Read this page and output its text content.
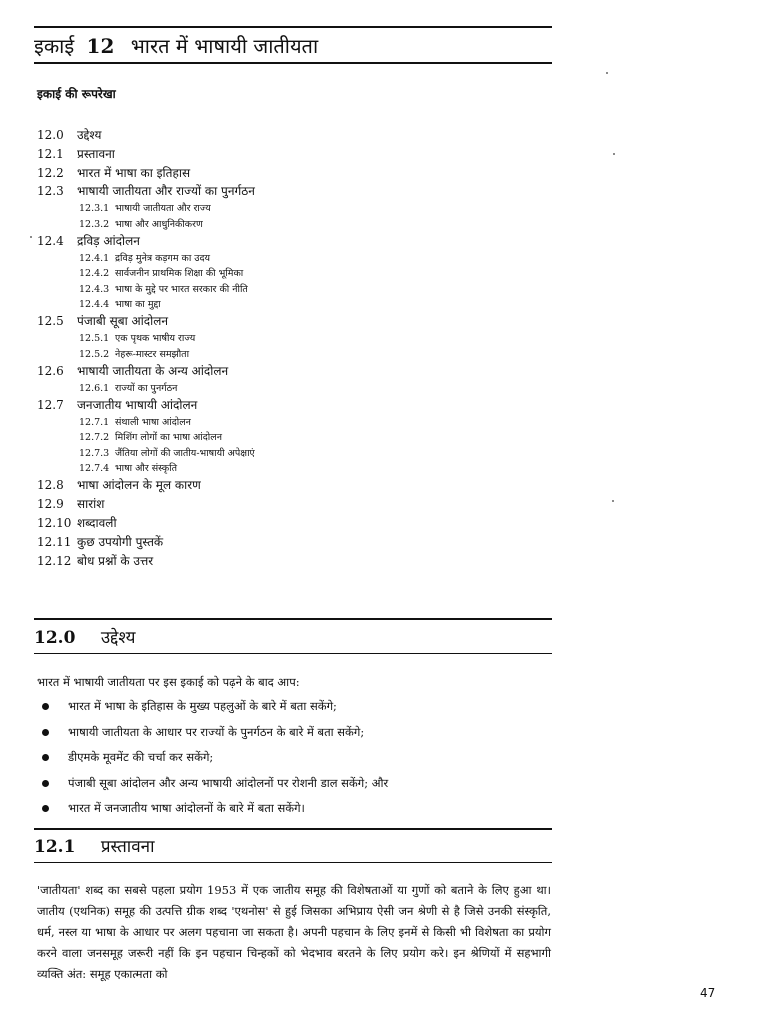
इकाई 12 भारत में भाषायी जातीयता
इकाई की रूपरेखा
12.0	उद्देश्य
12.1	प्रस्तावना
12.2	भारत में भाषा का इतिहास
12.3	भाषायी जातीयता और राज्यों का पुनर्गठन
12.3.1 भाषायी जातीयता और राज्य
12.3.2 भाषा और आधुनिकीकरण
12.4	द्रविड़ आंदोलन
12.4.1 द्रविड़ मुनेत्र कड़गम का उदय
12.4.2 सार्वजनीन प्राथमिक शिक्षा की भूमिका
12.4.3 भाषा के मुद्दे पर भारत सरकार की नीति
12.4.4 भाषा का मुद्दा
12.5	पंजाबी सूबा आंदोलन
12.5.1 एक पृथक भाषीय राज्य
12.5.2 नेहरू-मास्टर समझौता
12.6	भाषायी जातीयता के अन्य आंदोलन
12.6.1 राज्यों का पुनर्गठन
12.7	जनजातीय भाषायी आंदोलन
12.7.1 संथाली भाषा आंदोलन
12.7.2 मिशिंग लोगों का भाषा आंदोलन
12.7.3 जैंतिया लोगों की जातीय-भाषायी अपेक्षाएं
12.7.4 भाषा और संस्कृति
12.8	भाषा आंदोलन के मूल कारण
12.9	सारांश
12.10 शब्दावली
12.11 कुछ उपयोगी पुस्तकें
12.12 बोध प्रश्नों के उत्तर
12.0 उद्देश्य
भारत में भाषायी जातीयता पर इस इकाई को पढ़ने के बाद आप:
भारत में भाषा के इतिहास के मुख्य पहलुओं के बारे में बता सकेंगे;
भाषायी जातीयता के आधार पर राज्यों के पुनर्गठन के बारे में बता सकेंगे;
डीएमके मूवमेंट की चर्चा कर सकेंगे;
पंजाबी सूबा आंदोलन और अन्य भाषायी आंदोलनों पर रोशनी डाल सकेंगे; और
भारत में जनजातीय भाषा आंदोलनों के बारे में बता सकेंगे।
12.1 प्रस्तावना

'जातीयता' शब्द का सबसे पहला प्रयोग 1953 में एक जातीय समूह की विशेषताओं या गुणों को बताने के लिए हुआ था। जातीय (एथनिक) समूह की उत्पत्ति ग्रीक शब्द 'एथनोस' से हुई जिसका अभिप्राय ऐसी जन श्रेणी से है जिसे उनकी संस्कृति, धर्म, नस्ल या भाषा के आधार पर अलग पहचाना जा सकता है। अपनी पहचान के लिए इनमें से किसी भी विशेषता का प्रयोग करने वाला जनसमूह जरूरी नहीं कि इन पहचान चिन्हकों को भेदभाव बरतने के लिए प्रयोग करे। इन श्रेणियों में सहभागी व्यक्ति अंत: समूह एकात्मता को

47
